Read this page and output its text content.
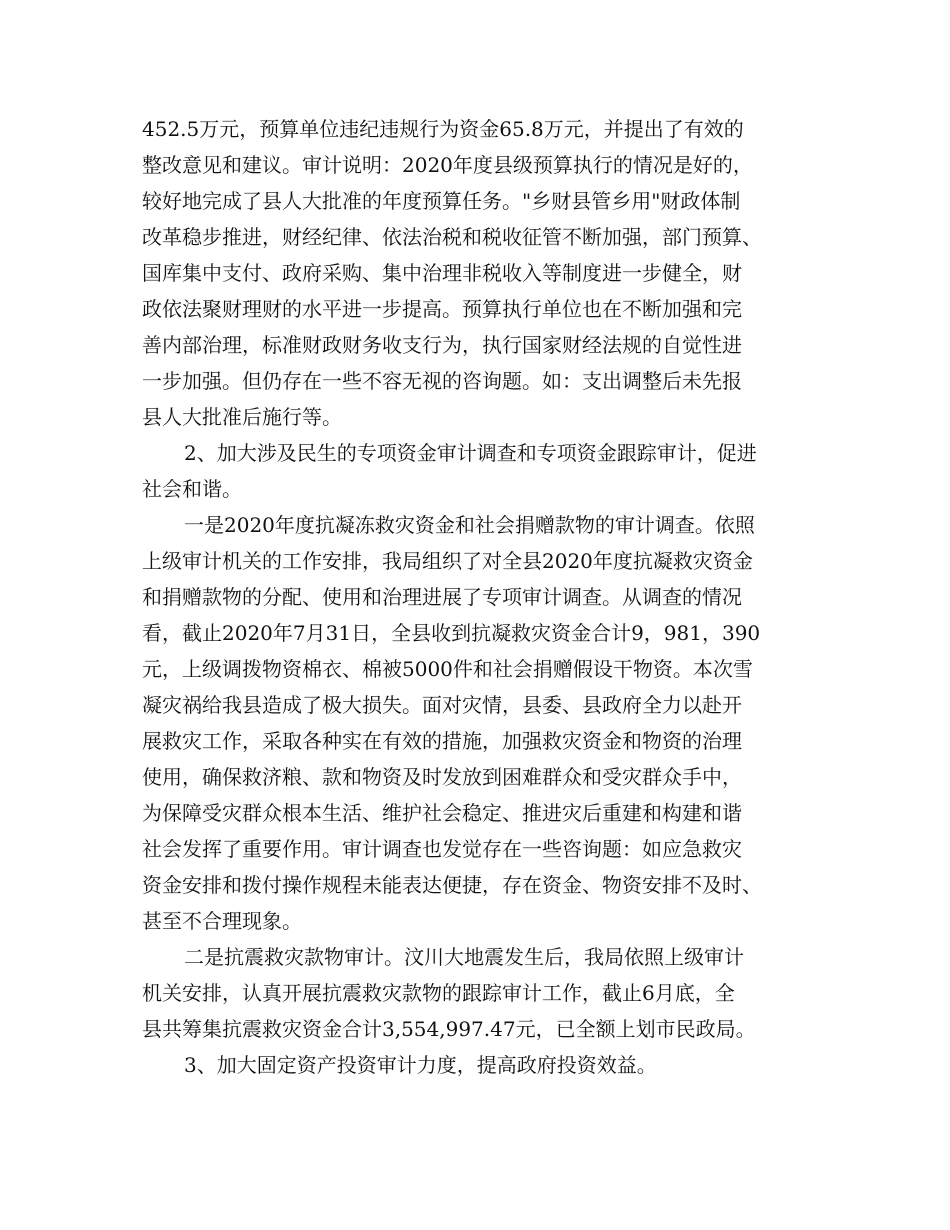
452.5万元，预算单位违纪违规行为资金65.8万元，并提出了有效的
整改意见和建议。审计说明：2020年度县级预算执行的情况是好的，
较好地完成了县人大批准的年度预算任务。"乡财县管乡用"财政体制
改革稳步推进，财经纪律、依法治税和税收征管不断加强，部门预算、
国库集中支付、政府采购、集中治理非税收入等制度进一步健全，财
政依法聚财理财的水平进一步提高。预算执行单位也在不断加强和完
善内部治理，标准财政财务收支行为，执行国家财经法规的自觉性进
一步加强。但仍存在一些不容无视的咨询题。如：支出调整后未先报
县人大批准后施行等。
2、加大涉及民生的专项资金审计调查和专项资金跟踪审计，促进
社会和谐。
一是2020年度抗凝冻救灾资金和社会捐赠款物的审计调查。依照
上级审计机关的工作安排，我局组织了对全县2020年度抗凝救灾资金
和捐赠款物的分配、使用和治理进展了专项审计调查。从调查的情况
看，截止2020年7月31日，全县收到抗凝救灾资金合计9，981，390
元，上级调拨物资棉衣、棉被5000件和社会捐赠假设干物资。本次雪
凝灾祸给我县造成了极大损失。面对灾情，县委、县政府全力以赴开
展救灾工作，采取各种实在有效的措施，加强救灾资金和物资的治理
使用，确保救济粮、款和物资及时发放到困难群众和受灾群众手中，
为保障受灾群众根本生活、维护社会稳定、推进灾后重建和构建和谐
社会发挥了重要作用。审计调查也发觉存在一些咨询题：如应急救灾
资金安排和拨付操作规程未能表达便捷，存在资金、物资安排不及时、
甚至不合理现象。
二是抗震救灾款物审计。汶川大地震发生后，我局依照上级审计
机关安排，认真开展抗震救灾款物的跟踪审计工作，截止6月底，全
县共筹集抗震救灾资金合计3,554,997.47元，已全额上划市民政局。
3、加大固定资产投资审计力度，提高政府投资效益。
